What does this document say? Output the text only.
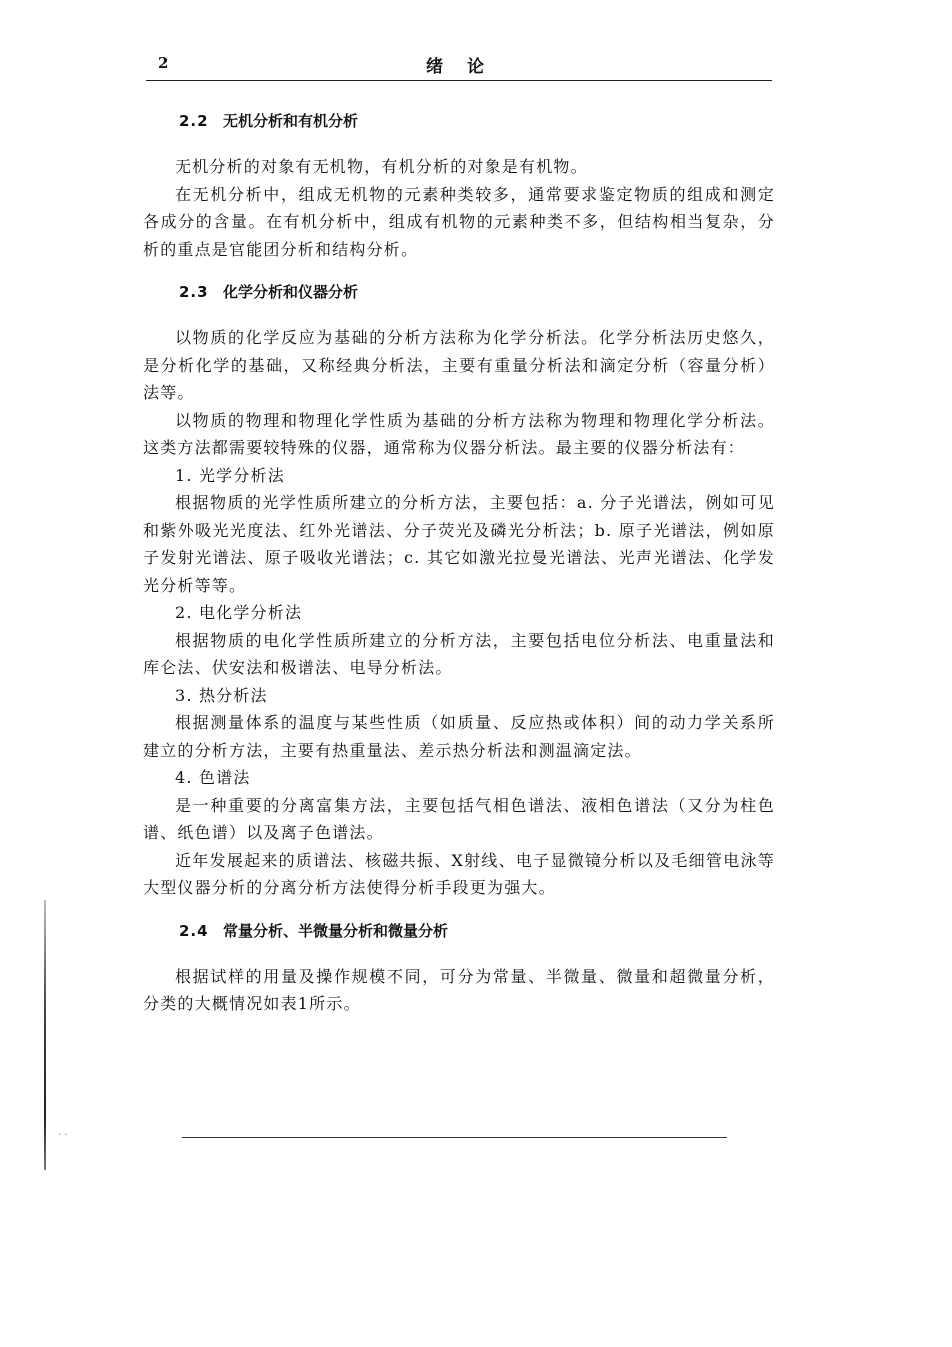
··
2	绪论
2.2 无机分析和有机分析

无机分析的对象有无机物，有机分析的对象是有机物。

在无机分析中，组成无机物的元素种类较多，通常要求鉴定物质的组成和测定各成分的含量。在有机分析中，组成有机物的元素种类不多，但结构相当复杂，分析的重点是官能团分析和结构分析。

2.3 化学分析和仪器分析

以物质的化学反应为基础的分析方法称为化学分析法。化学分析法历史悠久，是分析化学的基础，又称经典分析法，主要有重量分析法和滴定分析（容量分析）法等。

以物质的物理和物理化学性质为基础的分析方法称为物理和物理化学分析法。这类方法都需要较特殊的仪器，通常称为仪器分析法。最主要的仪器分析法有：

1. 光学分析法

根据物质的光学性质所建立的分析方法，主要包括：a. 分子光谱法，例如可见和紫外吸光光度法、红外光谱法、分子荧光及磷光分析法；b. 原子光谱法，例如原子发射光谱法、原子吸收光谱法；c. 其它如激光拉曼光谱法、光声光谱法、化学发光分析等等。

2. 电化学分析法

根据物质的电化学性质所建立的分析方法，主要包括电位分析法、电重量法和库仑法、伏安法和极谱法、电导分析法。

3. 热分析法

根据测量体系的温度与某些性质（如质量、反应热或体积）间的动力学关系所建立的分析方法，主要有热重量法、差示热分析法和测温滴定法。

4. 色谱法

是一种重要的分离富集方法，主要包括气相色谱法、液相色谱法（又分为柱色谱、纸色谱）以及离子色谱法。

近年发展起来的质谱法、核磁共振、X射线、电子显微镜分析以及毛细管电泳等大型仪器分析的分离分析方法使得分析手段更为强大。

2.4 常量分析、半微量分析和微量分析

根据试样的用量及操作规模不同，可分为常量、半微量、微量和超微量分析，分类的大概情况如表1所示。
